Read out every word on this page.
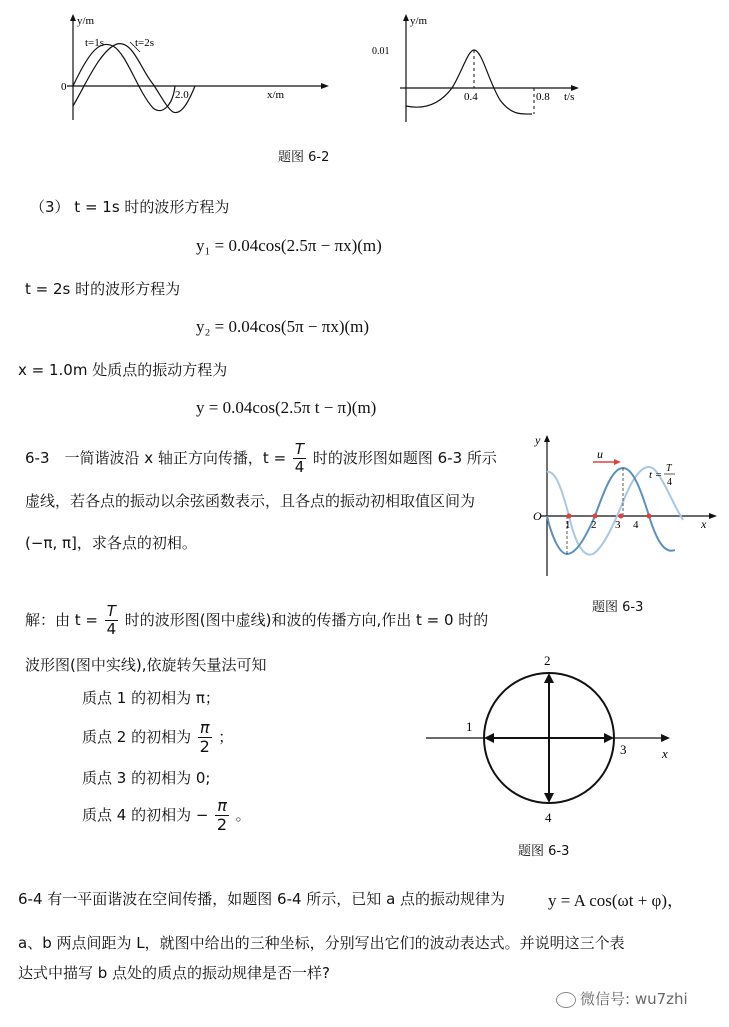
y/m
x/m
0
2.0
t=1s	t=2s
y/m
0.01
0.4	0.8 t/s
题图 6-2
（3） t = 1s 时的波形方程为
y₁ = 0.04cos(2.5π − πx)(m)
t = 2s 时的波形方程为
y₂ = 0.04cos(5π − πx)(m)
x = 1.0m 处质点的振动方程为
y = 0.04cos(2.5π t − π)(m)
6-3　一简谐波沿 x 轴正方向传播，$t = \frac{T}{4}$ 时的波形图如题图 6-3 所示
虚线，若各点的振动以余弦函数表示，且各点的振动初相取值区间为
(−π, π]，求各点的初相。
y
x
O
u
t =
T
4
1 2 3 4
题图 6-3
解：由 $t = \frac{T}{4}$ 时的波形图(图中虚线)和波的传播方向,作出 t = 0 时的
波形图(图中实线),依旋转矢量法可知
质点 1 的初相为 π；
质点 2 的初相为 $\frac{\pi}{2}$ ；
质点 3 的初相为 0;
质点 4 的初相为 − $\frac{\pi}{2}$ 。
1
2
3
4
x
题图 6-3
6-4 有一平面谐波在空间传播，如题图 6-4 所示，已知 a 点的振动规律为	y = A cos(ωt + φ)，
a、b 两点间距为 L，就图中给出的三种坐标，分别写出它们的波动表达式。并说明这三个表
达式中描写 b 点处的质点的振动规律是否一样?
微信号: wu7zhi
